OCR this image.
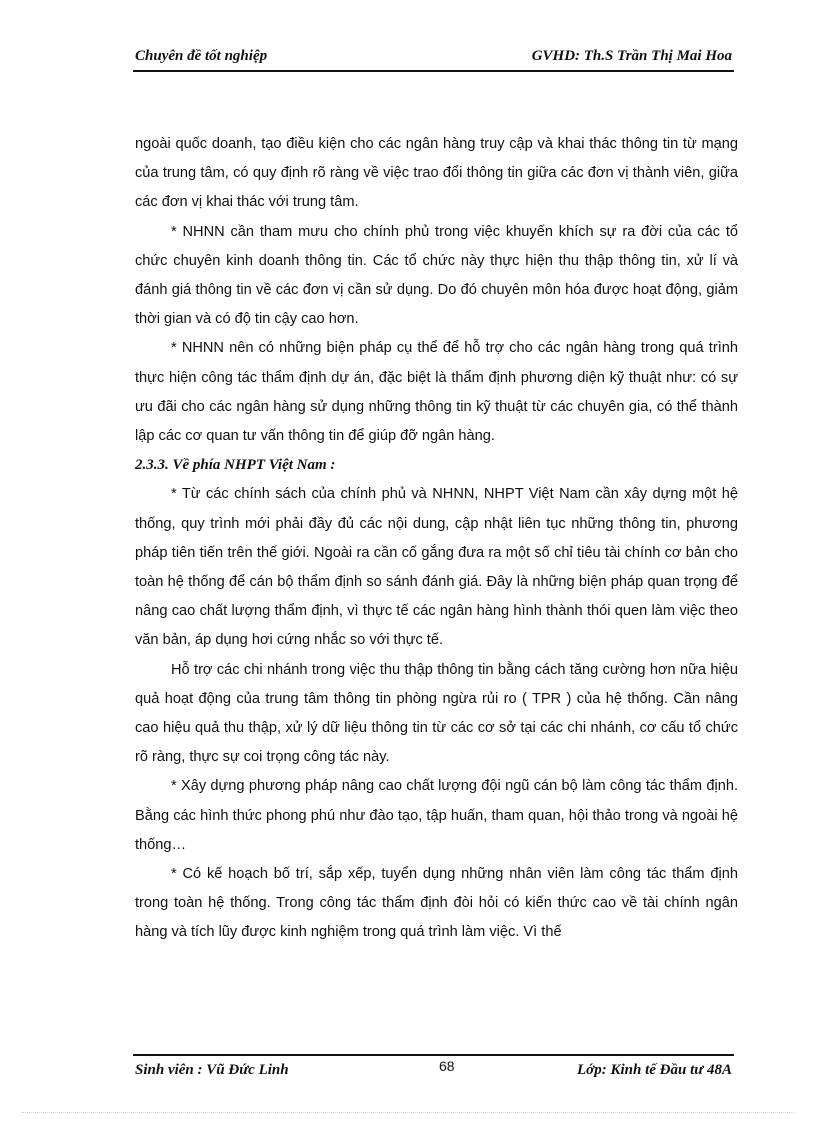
Chuyên đề tốt nghiệp	GVHD: Th.S Trần Thị Mai Hoa

ngoài quốc doanh, tạo điều kiện cho các ngân hàng truy cập và khai thác thông tin từ mạng của trung tâm, có quy định rõ ràng về việc trao đổi thông tin giữa các đơn vị thành viên, giữa các đơn vị khai thác với trung tâm.

* NHNN cần tham mưu cho chính phủ trong việc khuyến khích sự ra đời của các tổ chức chuyên kinh doanh thông tin. Các tổ chức này thực hiện thu thập thông tin, xử lí và đánh giá thông tin về các đơn vị cần sử dụng. Do đó chuyên môn hóa được hoạt động, giảm thời gian và có độ tin cậy cao hơn.

* NHNN nên có những biện pháp cụ thể để hỗ trợ cho các ngân hàng trong quá trình thực hiện công tác thẩm định dự án, đặc biệt là thẩm định phương diện kỹ thuật như: có sự ưu đãi cho các ngân hàng sử dụng những thông tin kỹ thuật từ các chuyên gia, có thể thành lập các cơ quan tư vấn thông tin để giúp đỡ ngân hàng.

2.3.3. Về phía NHPT Việt Nam :

* Từ các chính sách của chính phủ và NHNN, NHPT Việt Nam cần xây dựng một hệ thống, quy trình mới phải đầy đủ các nội dung, cập nhật liên tục những thông tin, phương pháp tiên tiến trên thế giới. Ngoài ra cần cố gắng đưa ra một số chỉ tiêu tài chính cơ bản cho toàn hệ thống để cán bộ thẩm định so sánh đánh giá. Đây là những biện pháp quan trọng để nâng cao chất lượng thẩm định, vì thực tế các ngân hàng hình thành thói quen làm việc theo văn bản, áp dụng hơi cứng nhắc so với thực tế.

Hỗ trợ các chi nhánh trong việc thu thập thông tin bằng cách tăng cường hơn nữa hiệu quả hoạt động của trung tâm thông tin phòng ngừa rủi ro ( TPR ) của hệ thống. Cần nâng cao hiệu quả thu thập, xử lý dữ liệu thông tin từ các cơ sở tại các chi nhánh, cơ cấu tổ chức rõ ràng, thực sự coi trọng công tác này.

* Xây dựng phương pháp nâng cao chất lượng đội ngũ cán bộ làm công tác thẩm định. Bằng các hình thức phong phú như đào tạo, tập huấn, tham quan, hội thảo trong và ngoài hệ thống…

* Có kế hoạch bố trí, sắp xếp, tuyển dụng những nhân viên làm công tác thẩm định trong toàn hệ thống. Trong công tác thẩm định đòi hỏi có kiến thức cao về tài chính ngân hàng và tích lũy được kinh nghiệm trong quá trình làm việc. Vì thế

Sinh viên : Vũ Đức Linh	68	Lớp: Kinh tế Đầu tư 48A
